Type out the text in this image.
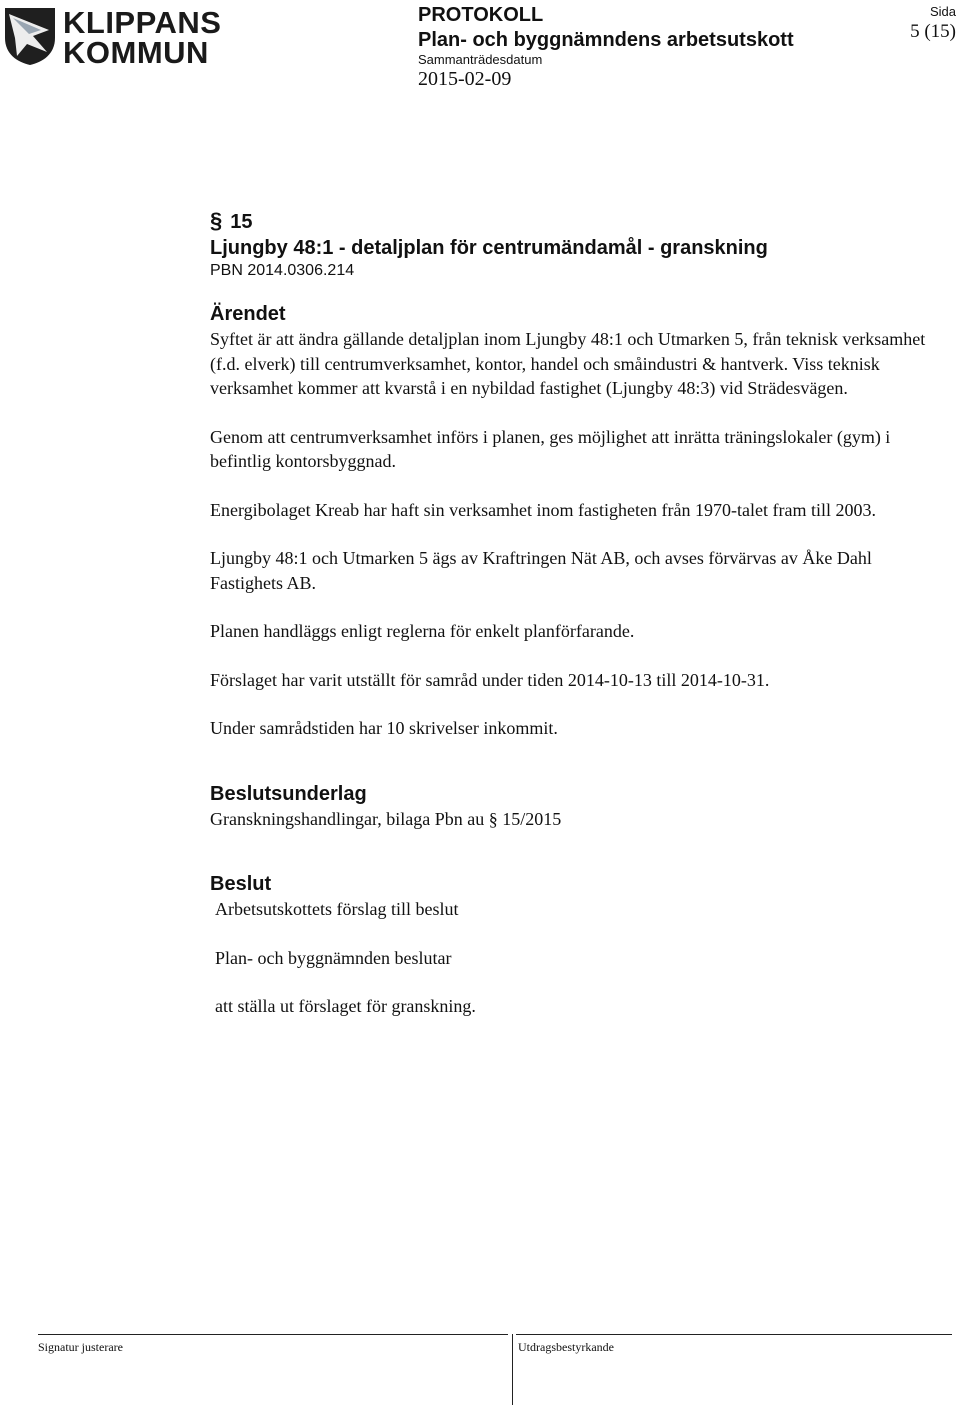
KLIPPANS
KOMMUN
PROTOKOLL
Plan- och byggnämndens arbetsutskott
Sammanträdesdatum
2015-02-09
Sida
5 (15)
§ 15
Ljungby 48:1 - detaljplan för centrumändamål - granskning

PBN 2014.0306.214

Ärendet

Syftet är att ändra gällande detaljplan inom Ljungby 48:1 och Utmarken 5, från teknisk verksamhet (f.d. elverk) till centrumverksamhet, kontor, handel och småindustri & hantverk. Viss teknisk verksamhet kommer att kvarstå i en nybildad fastighet (Ljungby 48:3) vid Strädesvägen.

Genom att centrumverksamhet införs i planen, ges möjlighet att inrätta träningslokaler (gym) i befintlig kontorsbyggnad.

Energibolaget Kreab har haft sin verksamhet inom fastigheten från 1970-talet fram till 2003.

Ljungby 48:1 och Utmarken 5 ägs av Kraftringen Nät AB, och avses förvärvas av Åke Dahl Fastighets AB.

Planen handläggs enligt reglerna för enkelt planförfarande.

Förslaget har varit utställt för samråd under tiden 2014-10-13 till 2014-10-31.

Under samrådstiden har 10 skrivelser inkommit.

Beslutsunderlag

Granskningshandlingar, bilaga Pbn au § 15/2015

Beslut

Arbetsutskottets förslag till beslut

Plan- och byggnämnden beslutar

att ställa ut förslaget för granskning.

Signatur justerare	Utdragsbestyrkande
